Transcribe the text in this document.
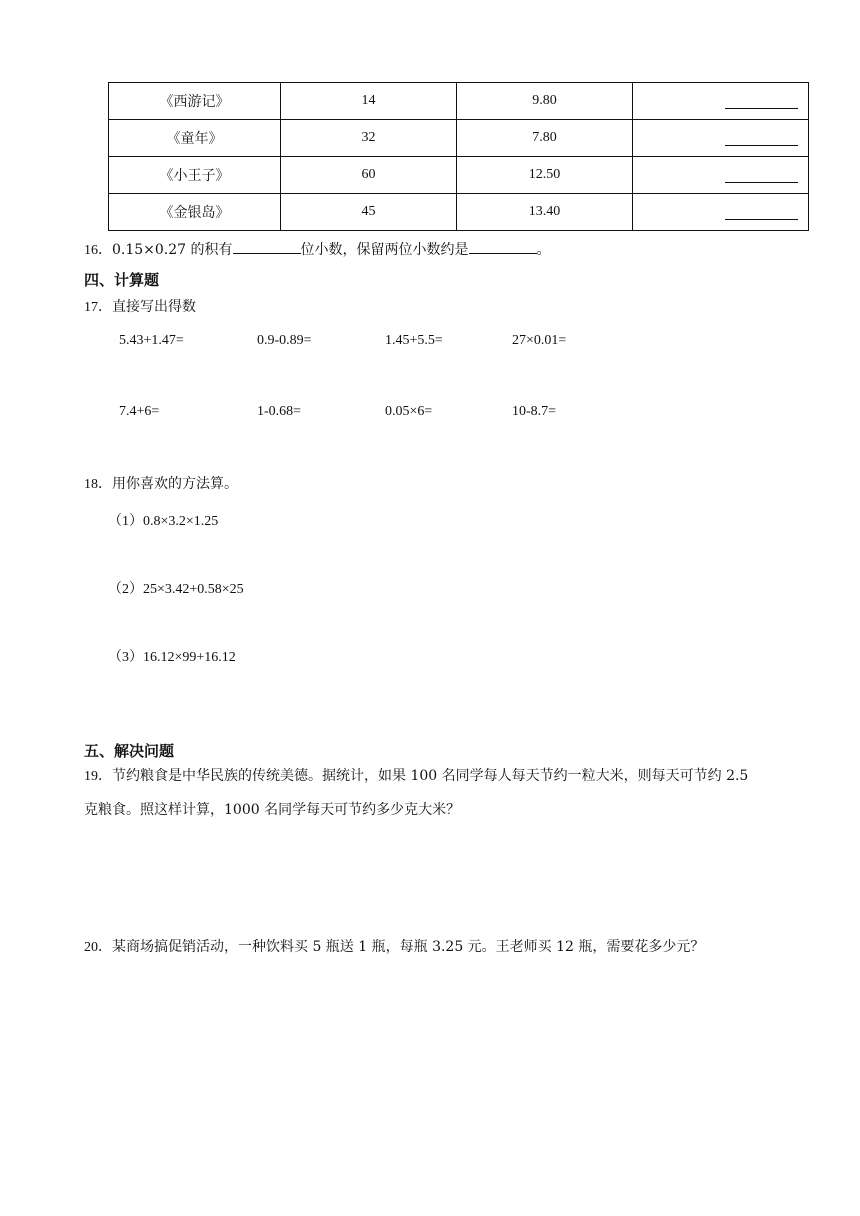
《西游记》	14	9.80	

《童年》	32	7.80	

《小王子》	60	12.50	

《金银岛》	45	13.40	
16．0.15×0.27 的积有	位小数，保留两位小数约是	。
四、计算题
17．直接写出得数
5.43+1.47=	0.9-0.89=	1.45+5.5=	27×0.01=
7.4+6=	1-0.68=	0.05×6=	10-8.7=
18．用你喜欢的方法算。
（1）0.8×3.2×1.25
（2）25×3.42+0.58×25
（3）16.12×99+16.12
五、解决问题
19．节约粮食是中华民族的传统美德。据统计，如果 100 名同学每人每天节约一粒大米，则每天可节约 2.5
克粮食。照这样计算，1000 名同学每天可节约多少克大米？
20．某商场搞促销活动，一种饮料买 5 瓶送 1 瓶，每瓶 3.25 元。王老师买 12 瓶，需要花多少元？
